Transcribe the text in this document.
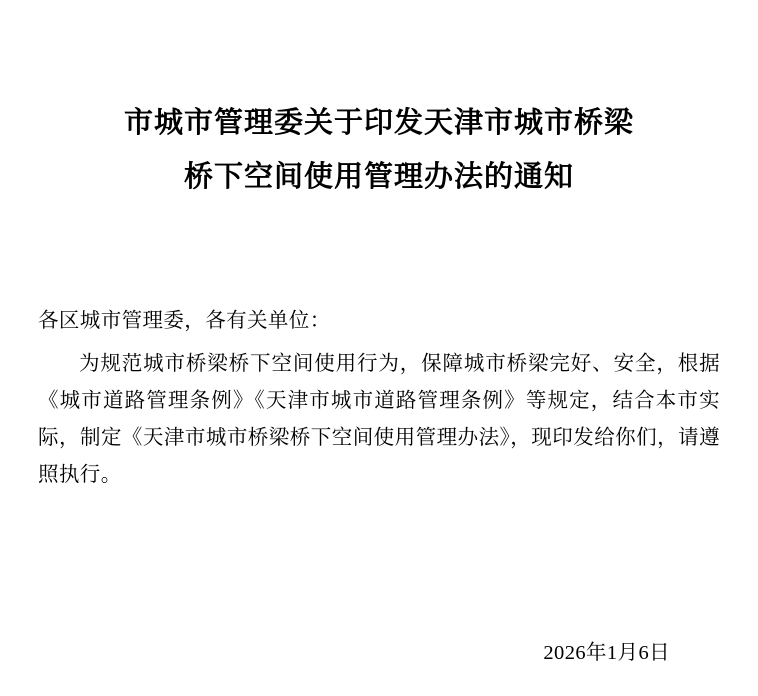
市城市管理委关于印发天津市城市桥梁
桥下空间使用管理办法的通知

各区城市管理委，各有关单位：

为规范城市桥梁桥下空间使用行为，保障城市桥梁完好、安全，根据《城市道路管理条例》《天津市城市道路管理条例》等规定，结合本市实际，制定《天津市城市桥梁桥下空间使用管理办法》，现印发给你们，请遵照执行。

2026年1月6日
